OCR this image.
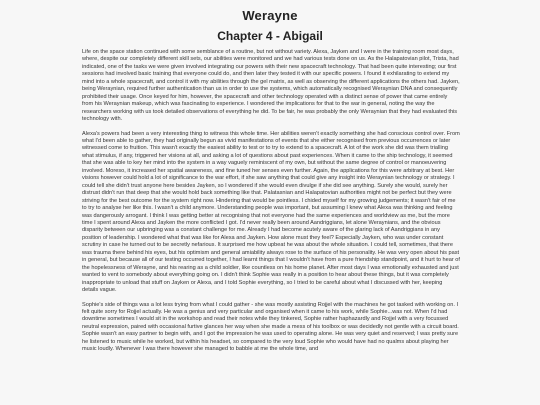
Werayne
Chapter 4 - Abigail

Life on the space station continued with some semblance of a routine, but not without variety. Alexa, Jayken and I were in the training room most days, where, despite our completely different skill sets, our abilities were monitored and we had various tests done on us. As the Halapatovian pilot, Trista, had indicated, one of the tasks we were given involved integrating our powers with their new spacecraft technology. That had been quite interesting; our first sessions had involved basic training that everyone could do, and then later they tested it with our specific powers. I found it exhilarating to extend my mind into a whole spacecraft, and control it with my abilities through the gel matrix, as well as observing the different applications the others had. Jayken, being Weraynian, required further authentication than us in order to use the systems, which automatically recognised Weraynian DNA and consequently prohibited their usage. Once keyed for him, however, the spacecraft and other technology operated with a distinct sense of power that came entirely from his Weraynian makeup, which was fascinating to experience. I wondered the implications for that to the war in general, noting the way the researchers working with us took detailed observations of everything he did. To be fair, he was probably the only Weraynian that they had evaluated this technology with.

Alexa's powers had been a very interesting thing to witness this whole time. Her abilities weren't exactly something she had conscious control over. From what I'd been able to gather, they had originally begun as vivid manifestations of events that she either recognised from previous occurrences or later witnessed come to fruition. This wasn't exactly the easiest ability to test or to try to extend to a spacecraft. A lot of the work she did was them trialling what stimulus, if any, triggered her visions at all, and asking a lot of questions about past experiences. When it came to the ship technology, it seemed that she was able to key her mind into the system in a way vaguely reminiscent of my own, but without the same degree of control or manoeuvering involved. Moreso, it increased her spatial awareness, and fine tuned her senses even further. Again, the applications for this were arbitrary at best. Her visions however could hold a lot of significance to the war effort, if she saw anything that could give any insight into Weraynian technology or strategy. I could tell she didn't trust anyone here besides Jayken, so I wondered if she would even divulge if she did see anything. Surely she would, surely her distrust didn't run that deep that she would hold back something like that. Palatasnian and Halapatovian authorities might not be perfect but they were striving for the best outcome for the system right now. Hindering that would be pointless. I chided myself for my growing judgements; it wasn't fair of me to try to analyse her like this. I wasn't a child anymore. Understanding people was important, but assuming I knew what Alexa was thinking and feeling was dangerously arrogant. I think I was getting better at recognising that not everyone had the same experiences and worldview as me, but the more time I spent around Alexa and Jayken the more conflicted I got. I'd never really been around Aandriggians, let alone Weraynians, and the obvious disparity between our upbringing was a constant challenge for me. Already I had become acutely aware of the glaring lack of Aandriggians in any position of leadership. I wondered what that was like for Alexa and Jayken. How alone must they feel? Especially Jayken, who was under constant scrutiny in case he turned out to be secretly nefarious. It surprised me how upbeat he was about the whole situation. I could tell, sometimes, that there was trauma there behind his eyes, but his optimism and general amiability always rose to the surface of his personality. He was very open about his past in general, but because all of our testing occurred together, I had learnt things that I wouldn't have from a pure friendship standpoint, and it hurt to hear of the hopelessness of Werayne, and his rearing as a child soldier, like countless on his home planet. After most days I was emotionally exhausted and just wanted to vent to somebody about everything going on. I didn't think Sophie was really in a position to hear about these things, but it was completely inappropriate to unload that stuff on Jayken or Alexa, and I told Sophie everything, so I tried to be careful about what I discussed with her, keeping details vague.

Sophie's side of things was a lot less trying from what I could gather - she was mostly assisting Rojjel with the machines he got tasked with working on. I felt quite sorry for Rojjel actually. He was a genius and very particular and organised when it came to his work, while Sophie...was not. When I'd had downtime sometimes I would sit in the workshop and read their notes while they tinkered, Sophie rather haphazardly and Rojjel with a very focussed neutral expression, paired with occasional furtive glances her way when she made a mess of his toolbox or was decidedly not gentle with a circuit board. Sophie wasn't an easy partner to begin with, and I got the impression he was used to operating alone. He was very quiet and reserved; I was pretty sure he listened to music while he worked, but within his headset, so compared to the very loud Sophie who would have had no qualms about playing her music loudly. Whenever I was there however she managed to babble at me the whole time, and
